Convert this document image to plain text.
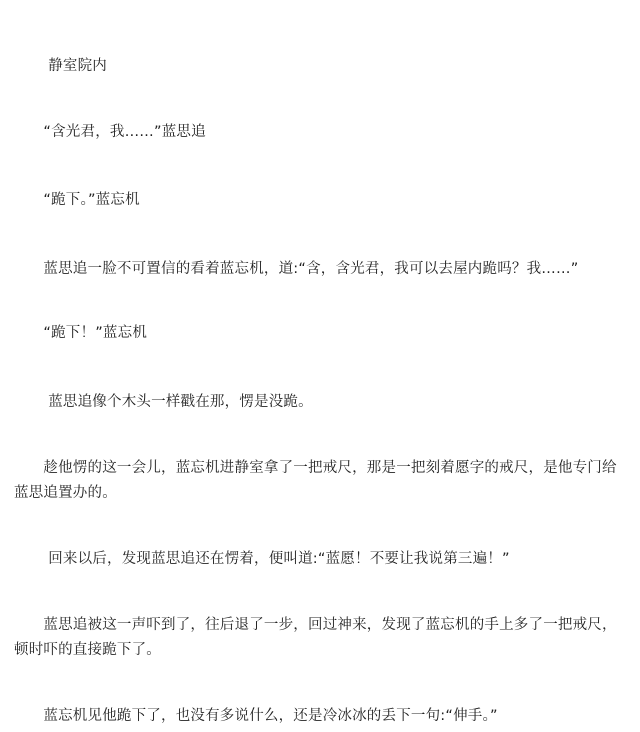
　　 静室院内

　　“含光君，我……”蓝思追

　　“跪下。”蓝忘机

　　蓝思追一脸不可置信的看着蓝忘机，道:“含，含光君，我可以去屋内跪吗？我……”

　　“跪下！”蓝忘机

　　 蓝思追像个木头一样戳在那，愣是没跪。

　　趁他愣的这一会儿，蓝忘机进静室拿了一把戒尺，那是一把刻着愿字的戒尺，是他专门给蓝思追置办的。

　　 回来以后，发现蓝思追还在愣着，便叫道:“蓝愿！不要让我说第三遍！”

　　蓝思追被这一声吓到了，往后退了一步，回过神来，发现了蓝忘机的手上多了一把戒尺，顿时吓的直接跪下了。

　　蓝忘机见他跪下了，也没有多说什么，还是冷冰冰的丢下一句:“伸手。”
